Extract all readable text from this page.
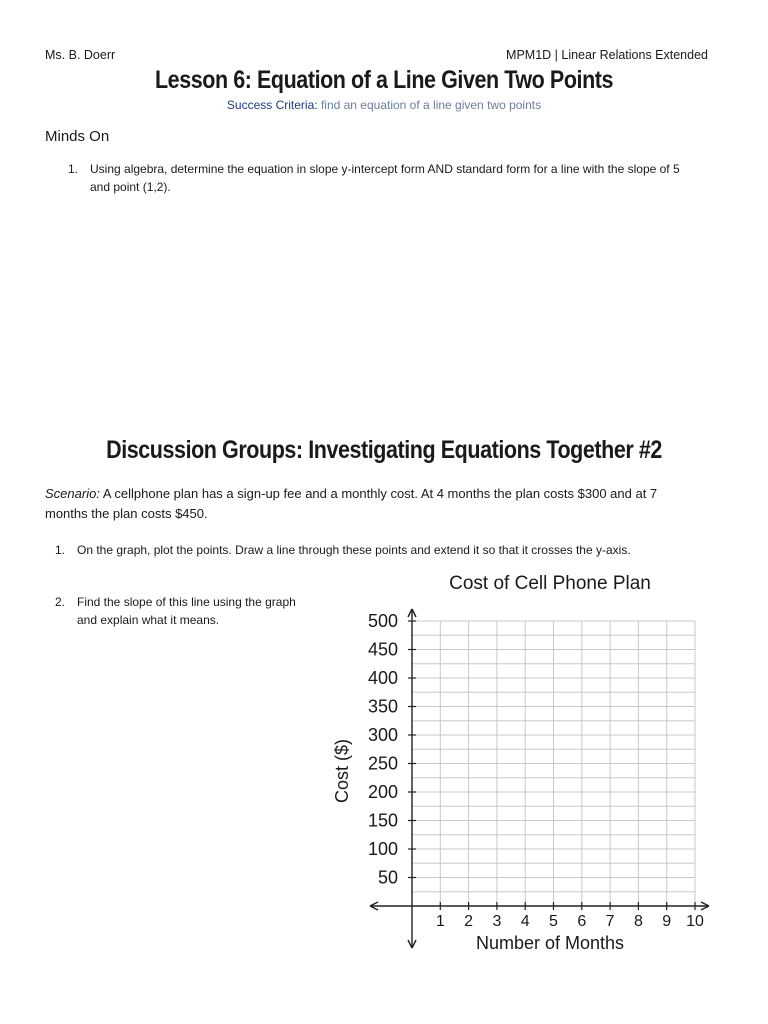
Ms. B. Doerr	MPM1D | Linear Relations Extended
Lesson 6: Equation of a Line Given Two Points
Success Criteria: find an equation of a line given two points
Minds On
1. Using algebra, determine the equation in slope y-intercept form AND standard form for a line with the slope of 5
and point (1,2).
Discussion Groups: Investigating Equations Together #2
Scenario: A cellphone plan has a sign-up fee and a monthly cost. At 4 months the plan costs $300 and at 7
months the plan costs $450.
1. On the graph, plot the points. Draw a line through these points and extend it so that it crosses the y-axis.
2. Find the slope of this line using the graph
and explain what it means.
Cost of Cell Phone Plan
50
100
150
200
250
300
350
400
450
500
1 2 3 4 5 6 7 8 9 10
Number of Months
Cost ($)
